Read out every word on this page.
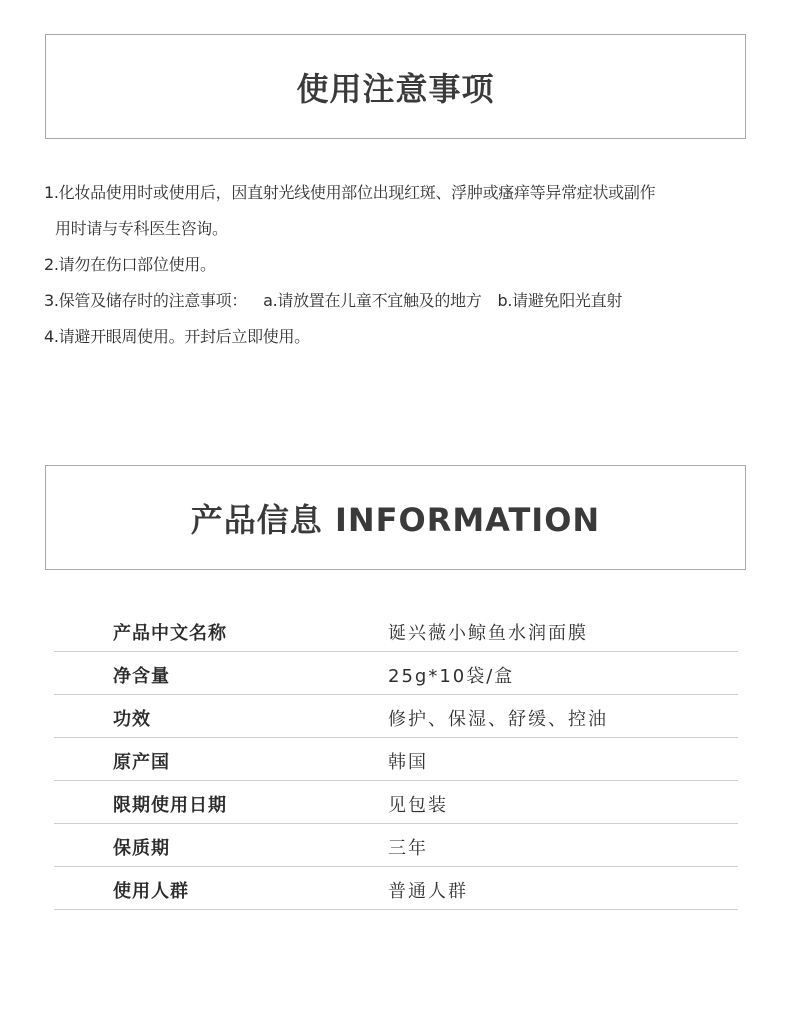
使用注意事项
1.化妆品使用时或使用后，因直射光线使用部位出现红斑、浮肿或瘙痒等异常症状或副作
用时请与专科医生咨询。
2.请勿在伤口部位使用。
3.保管及储存时的注意事项： a.请放置在儿童不宜触及的地方 b.请避免阳光直射
4.请避开眼周使用。开封后立即使用。
产品信息 INFORMATION
产品中文名称	诞兴薇小鲸鱼水润面膜
净含量	25g*10袋/盒
功效	修护、保湿、舒缓、控油
原产国	韩国
限期使用日期	见包装
保质期	三年
使用人群	普通人群
